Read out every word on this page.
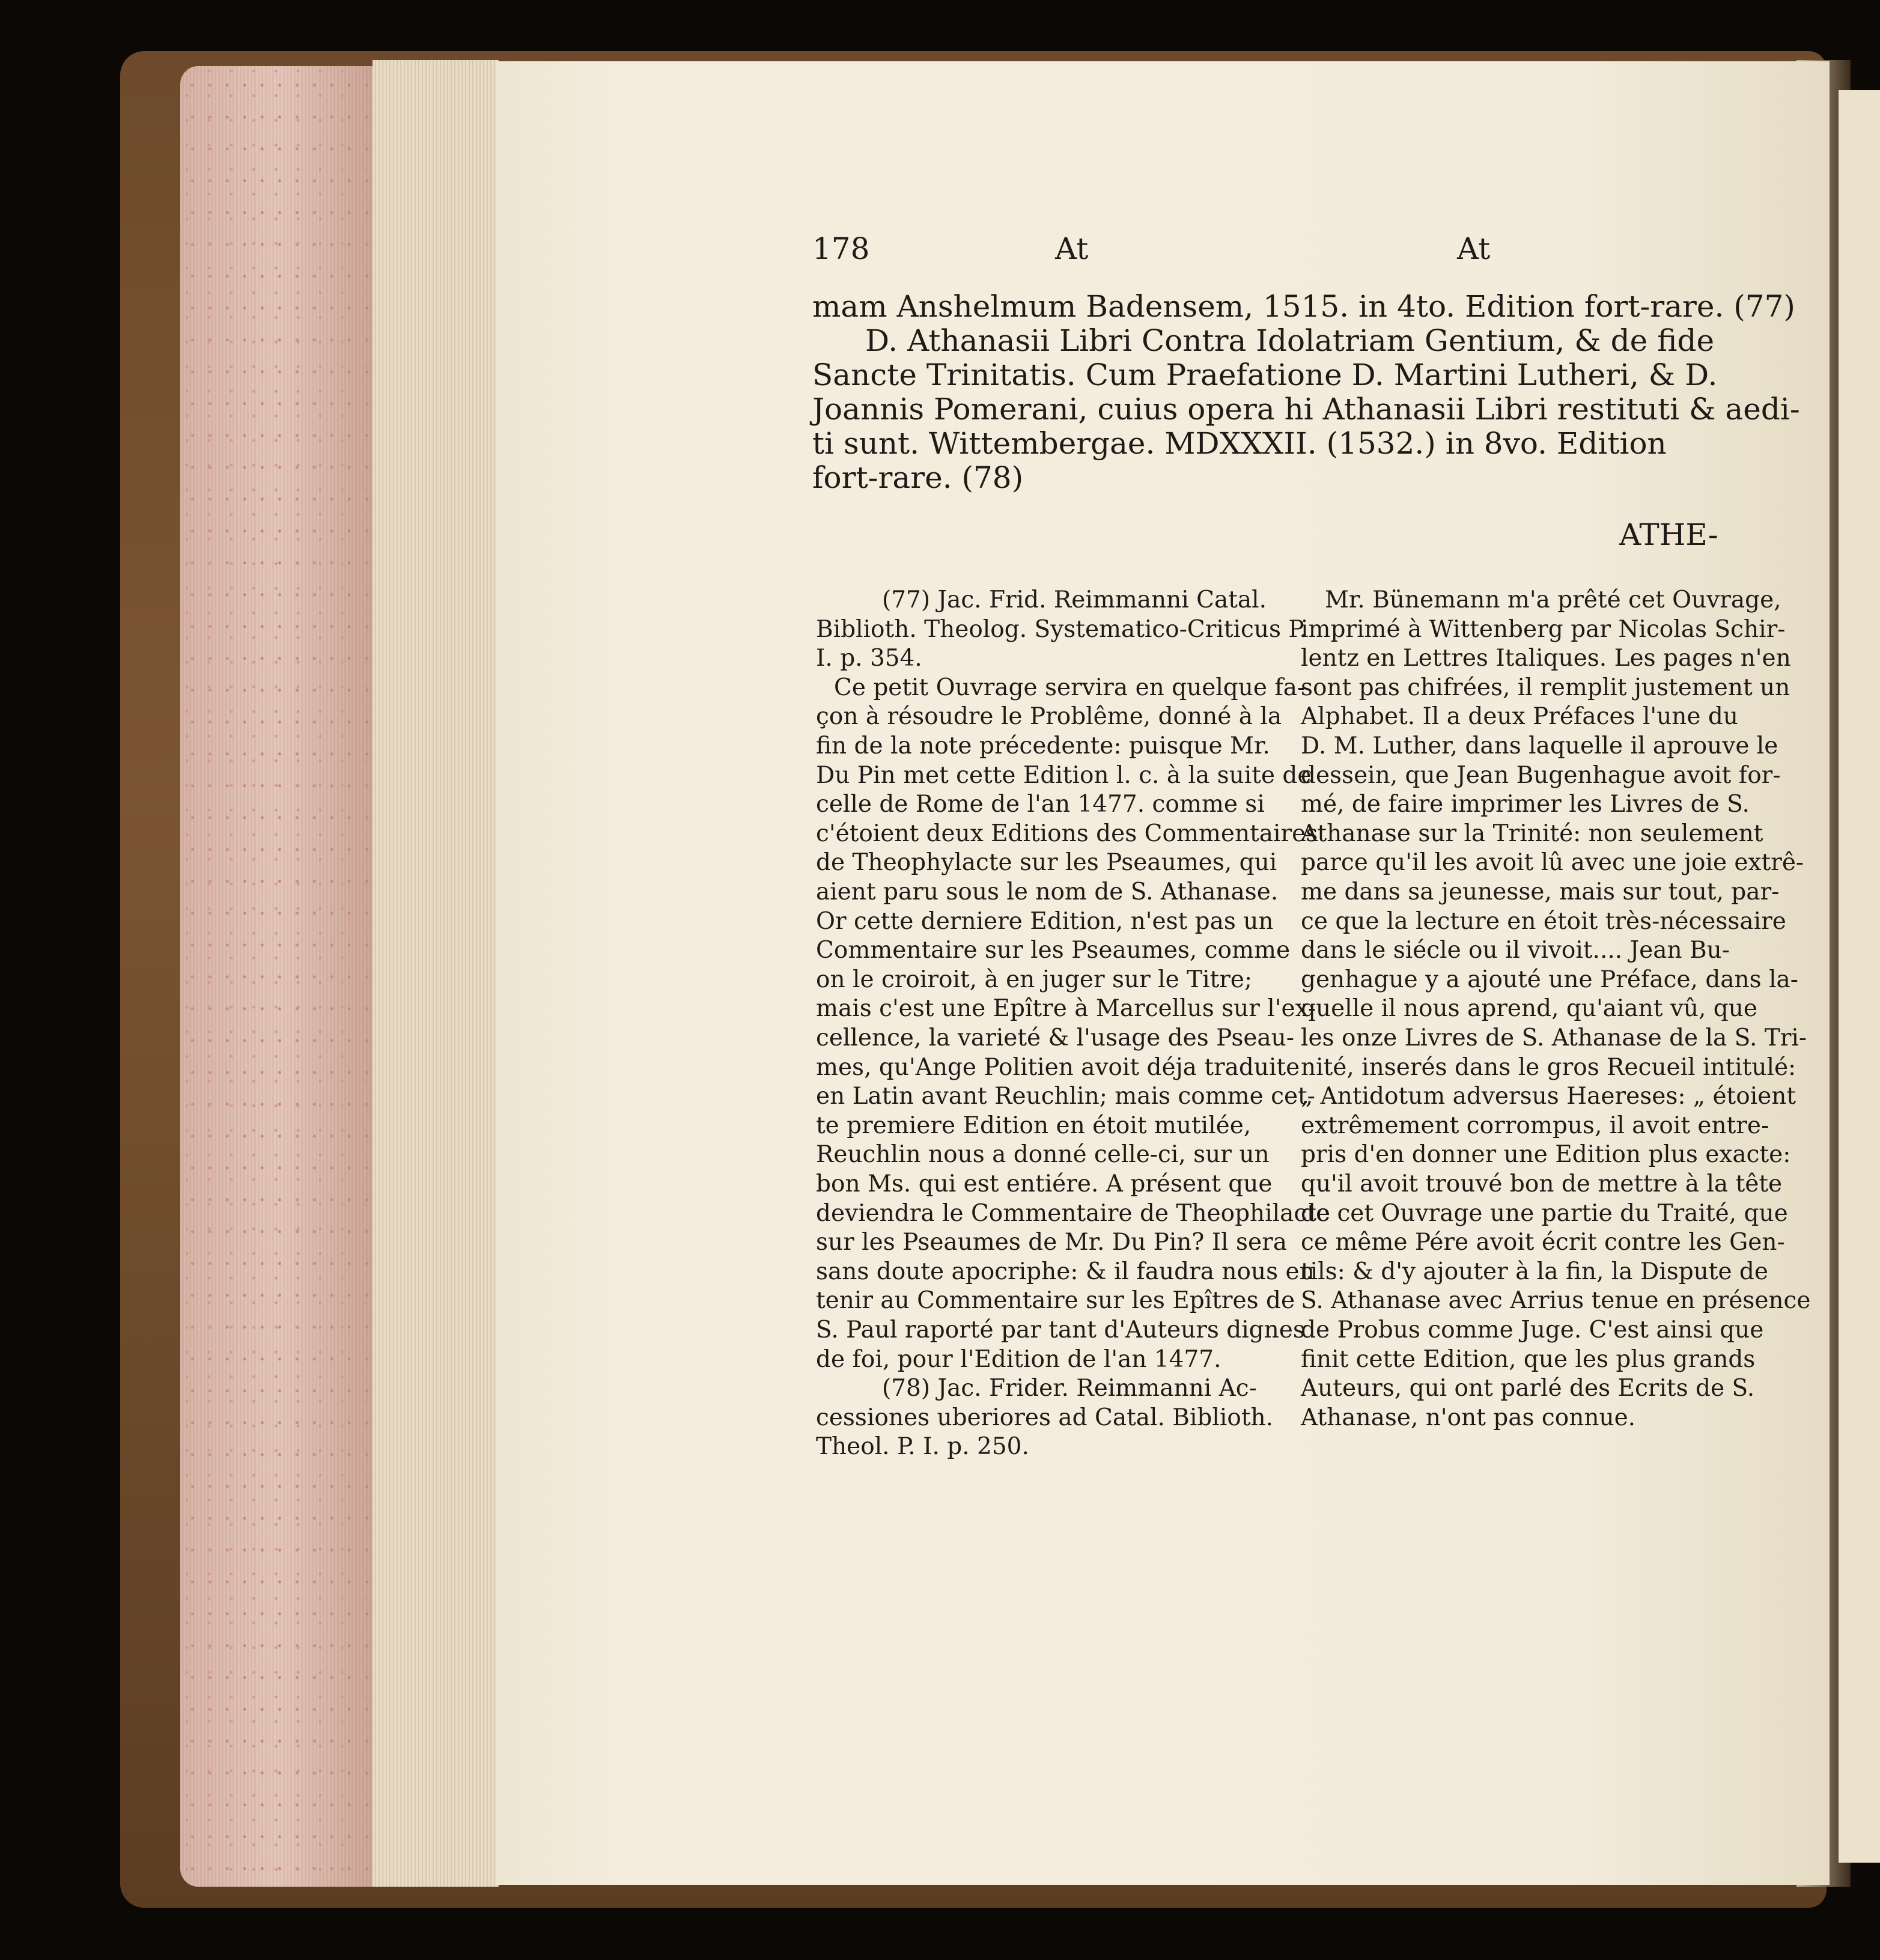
178	At	At
mam Anshelmum Badensem, 1515. in 4to. Edition fort-rare. (77)
D. Athanasii Libri Contra Idolatriam Gentium, & de fide
Sancte Trinitatis. Cum Praefatione D. Martini Lutheri, & D.
Joannis Pomerani, cuius opera hi Athanasii Libri restituti & aedi-
ti sunt. Wittembergae. MDXXXII. (1532.) in 8vo. Edition
fort-rare. (78)
ATHE-
(77) Jac. Frid. Reimmanni Catal.
Biblioth. Theolog. Systematico-Criticus P.
I. p. 354.
Ce petit Ouvrage servira en quelque fa-
çon à résoudre le Problême, donné à la
fin de la note précedente: puisque Mr.
Du Pin met cette Edition l. c. à la suite de
celle de Rome de l'an 1477. comme si
c'étoient deux Editions des Commentaires
de Theophylacte sur les Pseaumes, qui
aient paru sous le nom de S. Athanase.
Or cette derniere Edition, n'est pas un
Commentaire sur les Pseaumes, comme
on le croiroit, à en juger sur le Titre;
mais c'est une Epître à Marcellus sur l'ex-
cellence, la varieté & l'usage des Pseau-
mes, qu'Ange Politien avoit déja traduite
en Latin avant Reuchlin; mais comme cet-
te premiere Edition en étoit mutilée,
Reuchlin nous a donné celle-ci, sur un
bon Ms. qui est entiére. A présent que
deviendra le Commentaire de Theophilacte
sur les Pseaumes de Mr. Du Pin? Il sera
sans doute apocriphe: & il faudra nous en
tenir au Commentaire sur les Epîtres de
S. Paul raporté par tant d'Auteurs dignes
de foi, pour l'Edition de l'an 1477.
(78) Jac. Frider. Reimmanni Ac-
cessiones uberiores ad Catal. Biblioth.
Theol. P. I. p. 250.
Mr. Bünemann m'a prêté cet Ouvrage,
imprimé à Wittenberg par Nicolas Schir-
lentz en Lettres Italiques. Les pages n'en
sont pas chifrées, il remplit justement un
Alphabet. Il a deux Préfaces l'une du
D. M. Luther, dans laquelle il aprouve le
dessein, que Jean Bugenhague avoit for-
mé, de faire imprimer les Livres de S.
Athanase sur la Trinité: non seulement
parce qu'il les avoit lû avec une joie extrê-
me dans sa jeunesse, mais sur tout, par-
ce que la lecture en étoit très-nécessaire
dans le siécle ou il vivoit.... Jean Bu-
genhague y a ajouté une Préface, dans la-
quelle il nous aprend, qu'aiant vû, que
les onze Livres de S. Athanase de la S. Tri-
nité, inserés dans le gros Recueil intitulé:
„ Antidotum adversus Haereses: „ étoient
extrêmement corrompus, il avoit entre-
pris d'en donner une Edition plus exacte:
qu'il avoit trouvé bon de mettre à la tête
de cet Ouvrage une partie du Traité, que
ce même Pére avoit écrit contre les Gen-
tils: & d'y ajouter à la fin, la Dispute de
S. Athanase avec Arrius tenue en présence
de Probus comme Juge. C'est ainsi que
finit cette Edition, que les plus grands
Auteurs, qui ont parlé des Ecrits de S.
Athanase, n'ont pas connue.
